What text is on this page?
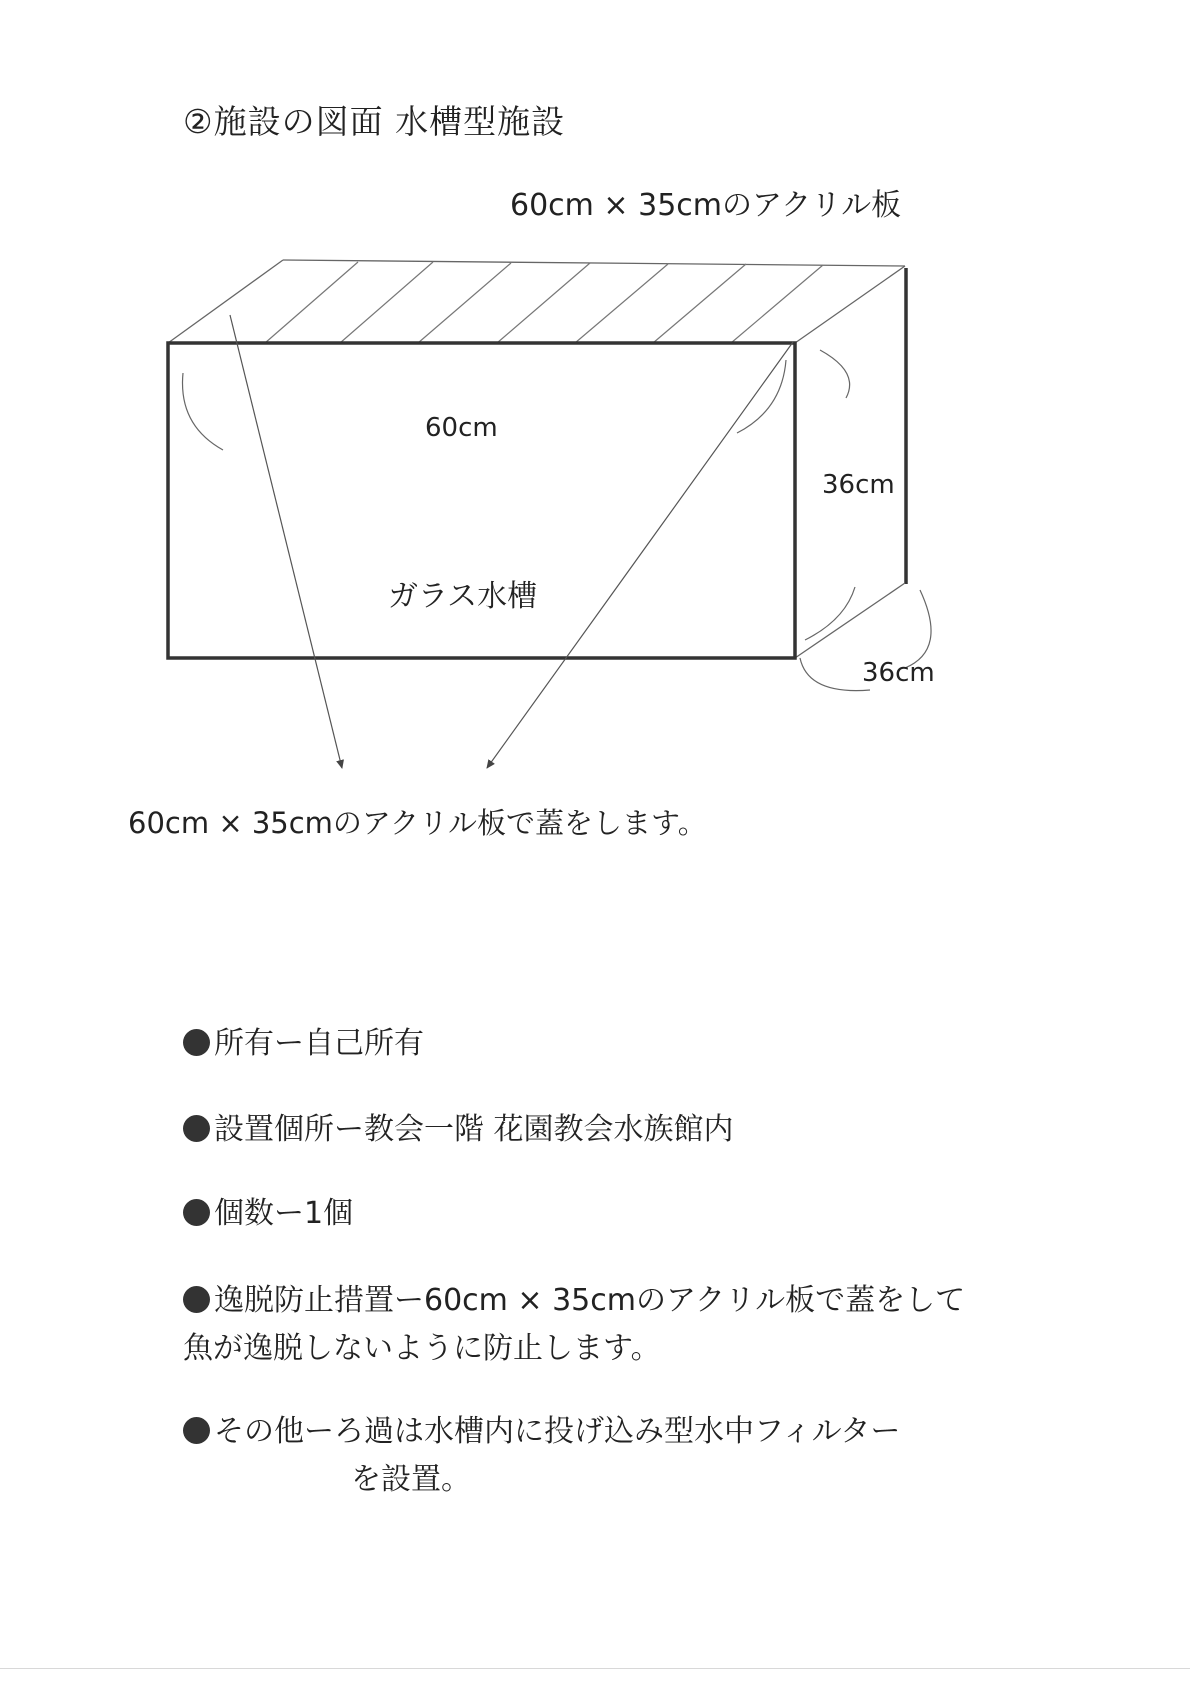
②施設の図面 水槽型施設
60cm × 35cmのアクリル板
60cm
36cm
36cm
ガラス水槽
60cm × 35cmのアクリル板で蓋をします。
所有ー自己所有
設置個所ー教会一階 花園教会水族館内
個数ー1個
逸脱防止措置ー60cm × 35cmのアクリル板で蓋をして
魚が逸脱しないように防止します。
その他ーろ過は水槽内に投げ込み型水中フィルター
を設置。
